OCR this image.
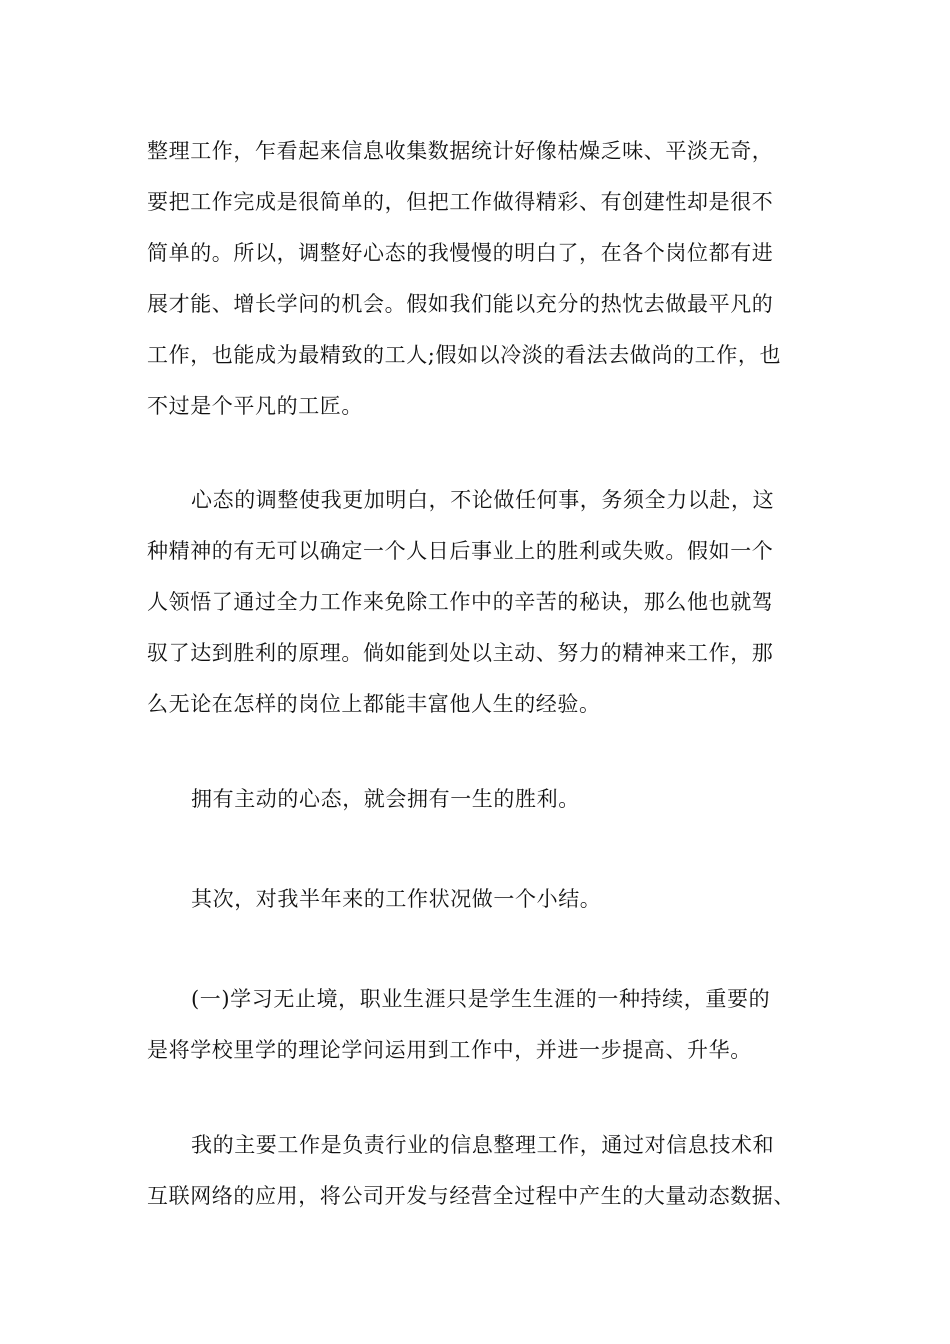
整理工作，乍看起来信息收集数据统计好像枯燥乏味、平淡无奇，
要把工作完成是很简单的，但把工作做得精彩、有创建性却是很不
简单的。所以，调整好心态的我慢慢的明白了，在各个岗位都有进
展才能、增长学问的机会。假如我们能以充分的热忱去做最平凡的
工作，也能成为最精致的工人;假如以冷淡的看法去做尚的工作，也
不过是个平凡的工匠。
心态的调整使我更加明白，不论做任何事，务须全力以赴，这
种精神的有无可以确定一个人日后事业上的胜利或失败。假如一个
人领悟了通过全力工作来免除工作中的辛苦的秘诀，那么他也就驾
驭了达到胜利的原理。倘如能到处以主动、努力的精神来工作，那
么无论在怎样的岗位上都能丰富他人生的经验。
拥有主动的心态，就会拥有一生的胜利。
其次，对我半年来的工作状况做一个小结。
(一)学习无止境，职业生涯只是学生生涯的一种持续，重要的
是将学校里学的理论学问运用到工作中，并进一步提高、升华。
我的主要工作是负责行业的信息整理工作，通过对信息技术和
互联网络的应用，将公司开发与经营全过程中产生的大量动态数据、
